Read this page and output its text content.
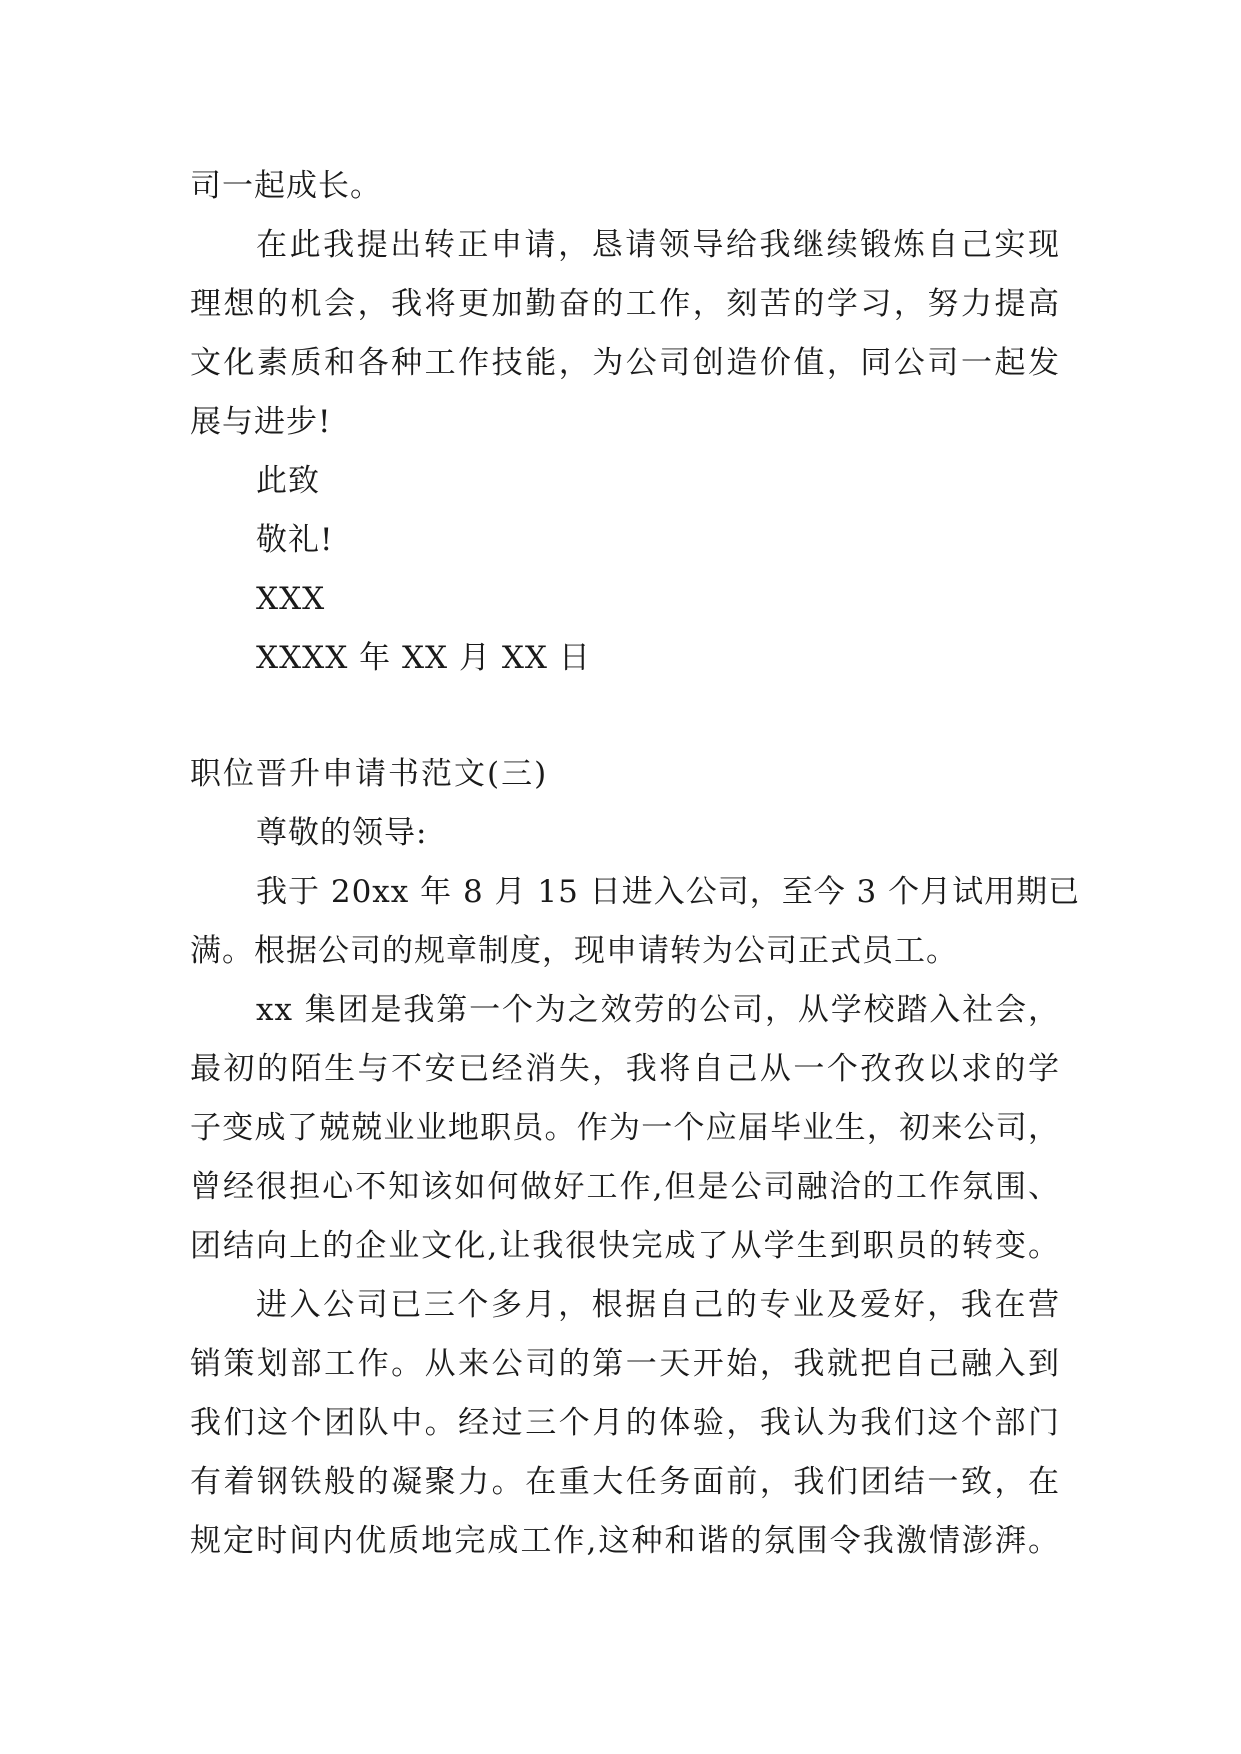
司一起成长。
在此我提出转正申请，恳请领导给我继续锻炼自己实现
理想的机会，我将更加勤奋的工作，刻苦的学习，努力提高
文化素质和各种工作技能，为公司创造价值，同公司一起发
展与进步!
此致
敬礼!
XXX
XXXX 年 XX 月 XX 日
职位晋升申请书范文(三)
尊敬的领导:
我于 20xx 年 8 月 15 日进入公司，至今 3 个月试用期已
满。根据公司的规章制度，现申请转为公司正式员工。
xx 集团是我第一个为之效劳的公司，从学校踏入社会，
最初的陌生与不安已经消失，我将自己从一个孜孜以求的学
子变成了兢兢业业地职员。作为一个应届毕业生，初来公司，
曾经很担心不知该如何做好工作,但是公司融洽的工作氛围、
团结向上的企业文化,让我很快完成了从学生到职员的转变。
进入公司已三个多月，根据自己的专业及爱好，我在营
销策划部工作。从来公司的第一天开始，我就把自己融入到
我们这个团队中。经过三个月的体验，我认为我们这个部门
有着钢铁般的凝聚力。在重大任务面前，我们团结一致，在
规定时间内优质地完成工作,这种和谐的氛围令我激情澎湃。
